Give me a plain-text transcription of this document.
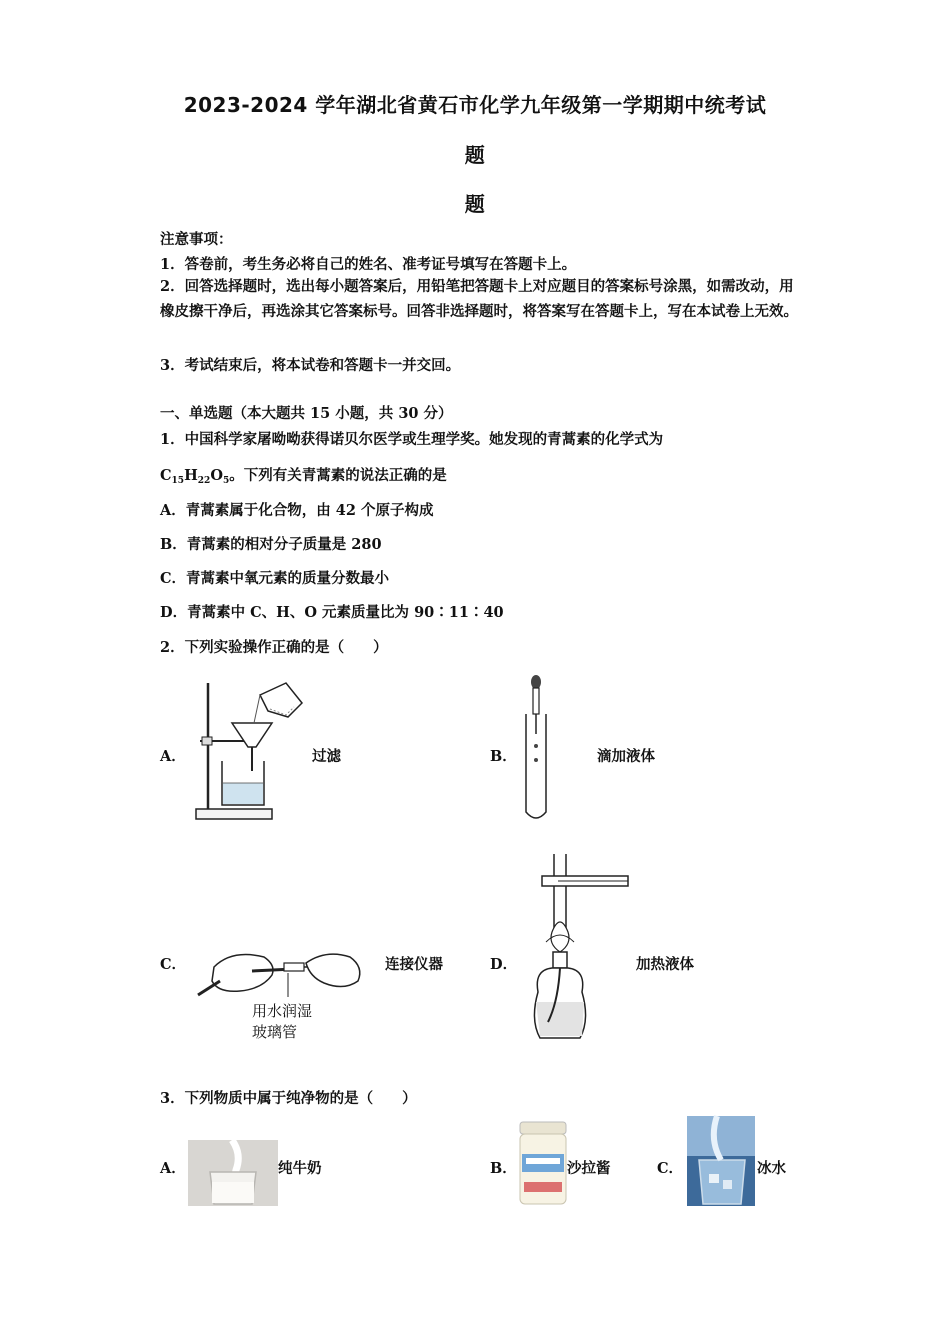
2023-2024 学年湖北省黄石市化学九年级第一学期期中统考试
题
题
注意事项：
1．答卷前，考生务必将自己的姓名、准考证号填写在答题卡上。
2．回答选择题时，选出每小题答案后，用铅笔把答题卡上对应题目的答案标号涂黑，如需改动，用橡皮擦干净后，再选涂其它答案标号。回答非选择题时，将答案写在答题卡上，写在本试卷上无效。
3．考试结束后，将本试卷和答题卡一并交回。
一、单选题（本大题共 15 小题，共 30 分）
1．中国科学家屠呦呦获得诺贝尔医学或生理学奖。她发现的青蒿素的化学式为
$C_{15}H_{22}O_5$。下列有关青蒿素的说法正确的是
A．青蒿素属于化合物，由 42 个原子构成
B．青蒿素的相对分子质量是 280
C．青蒿素中氧元素的质量分数最小
D．青蒿素中 C、H、O 元素质量比为 90∶11∶40
2．下列实验操作正确的是（　　）
A．	过滤	B．	滴加液体
C．
用水润湿
玻璃管
连接仪器	D．	加热液体
3．下列物质中属于纯净物的是（　　）
A．	纯牛奶	B．	沙拉酱	C．	冰水
